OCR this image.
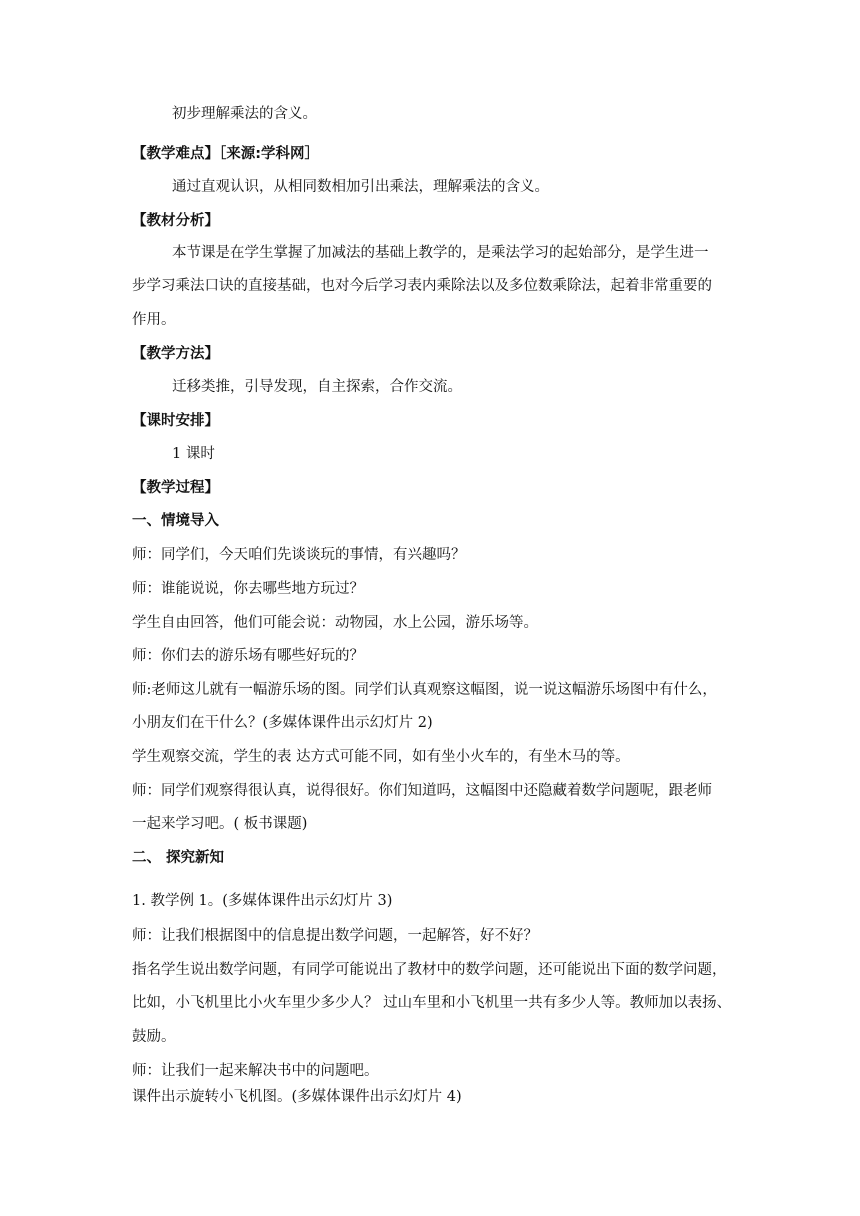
初步理解乘法的含义。
【教学难点】［来源:学科网］
通过直观认识，从相同数相加引出乘法，理解乘法的含义。
【教材分析】
本节课是在学生掌握了加减法的基础上教学的，是乘法学习的起始部分，是学生进一
步学习乘法口诀的直接基础，也对今后学习表内乘除法以及多位数乘除法，起着非常重要的
作用。
【教学方法】
迁移类推，引导发现，自主探索，合作交流。
【课时安排】
1 课时
【教学过程】
一、情境导入
师：同学们，今天咱们先谈谈玩的事情，有兴趣吗？
师：谁能说说，你去哪些地方玩过？
学生自由回答，他们可能会说：动物园，水上公园，游乐场等。
师：你们去的游乐场有哪些好玩的？
师:老师这儿就有一幅游乐场的图。同学们认真观察这幅图，说一说这幅游乐场图中有什么，
小朋友们在干什么？(多媒体课件出示幻灯片 2)
学生观察交流，学生的表 达方式可能不同，如有坐小火车的，有坐木马的等。
师：同学们观察得很认真，说得很好。你们知道吗，这幅图中还隐藏着数学问题呢，跟老师
一起来学习吧。( 板书课题)
二、 探究新知
1. 教学例 1。(多媒体课件出示幻灯片 3)
师：让我们根据图中的信息提出数学问题，一起解答，好不好？
指名学生说出数学问题，有同学可能说出了教材中的数学问题，还可能说出下面的数学问题，
比如，小飞机里比小火车里少多少人？ 过山车里和小飞机里一共有多少人等。教师加以表扬、
鼓励。
师：让我们一起来解决书中的问题吧。
课件出示旋转小飞机图。(多媒体课件出示幻灯片 4)
